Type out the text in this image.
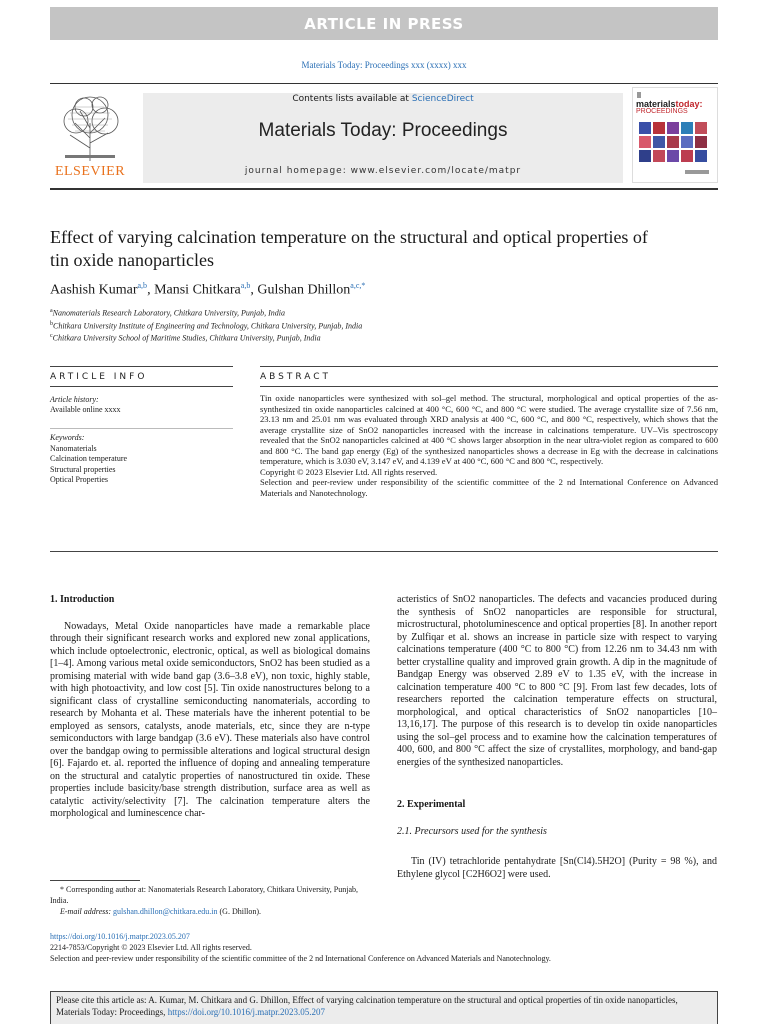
ARTICLE IN PRESS
Materials Today: Proceedings xxx (xxxx) xxx
ELSEVIER
Contents lists available at ScienceDirect
Materials Today: Proceedings
journal homepage: www.elsevier.com/locate/matpr
materialstoday:
PROCEEDINGS
Effect of varying calcination temperature on the structural and optical properties of tin oxide nanoparticles
Aashish Kumar$^{a,b}$, Mansi Chitkara$^{a,b}$, Gulshan Dhillon$^{a,c,*}$
$^a$Nanomaterials Research Laboratory, Chitkara University, Punjab, India
$^b$Chitkara University Institute of Engineering and Technology, Chitkara University, Punjab, India
$^c$Chitkara University School of Maritime Studies, Chitkara University, Punjab, India
ARTICLE INFO	ABSTRACT
Article history:
Available online xxxx
Keywords:
Nanomaterials
Calcination temperature
Structural properties
Optical Properties

Tin oxide nanoparticles were synthesized with sol–gel method. The structural, morphological and optical properties of the as-synthesized tin oxide nanoparticles calcined at 400 °C, 600 °C, and 800 °C were studied. The average crystallite size of 7.56 nm, 23.13 nm and 25.01 nm was evaluated through XRD analysis at 400 °C, 600 °C, and 800 °C, respectively, which shows that the average crystallite size of SnO2 nanoparticles increased with the increase in calcinations temperature. UV–Vis spectroscopy revealed that the SnO2 nanoparticles calcined at 400 °C shows larger absorption in the near ultra-violet region as compared to 600 and 800 °C. The band gap energy (Eg) of the synthesized nanoparticles shows a decrease in Eg with the decrease in calcinations temperature, which is 3.030 eV, 3.147 eV, and 4.139 eV at 400 °C, 600 °C and 800 °C, respectively.

Copyright © 2023 Elsevier Ltd. All rights reserved.

Selection and peer-review under responsibility of the scientific committee of the 2 nd International Conference on Advanced Materials and Nanotechnology.

1. Introduction
Nowadays, Metal Oxide nanoparticles have made a remarkable place through their significant research works and explored new zonal applications, which include optoelectronic, electronic, optical, as well as biological domains [1–4]. Among various metal oxide semiconductors, SnO2 has been studied as a promising material with wide band gap (3.6–3.8 eV), non toxic, highly stable, with high photoactivity, and low cost [5]. Tin oxide nanostructures belong to a significant class of crystalline semiconducting nanomaterials, according to research by Mohanta et al. These materials have the inherent potential to be employed as sensors, catalysts, anode materials, etc, since they are n-type semiconductors with large bandgap (3.6 eV). These materials also have control over the bandgap owing to permissible alterations and logical structural design [6]. Fajardo et. al. reported the influence of doping and annealing temperature on the structural and catalytic properties of nanostructured tin oxide. These properties include basicity/base strength distribution, surface area as well as catalytic activity/selectivity [7]. The calcination temperature alters the morphological and luminescence char-
acteristics of SnO2 nanoparticles. The defects and vacancies produced during the synthesis of SnO2 nanoparticles are responsible for structural, microstructural, photoluminescence and optical properties [8]. In another report by Zulfiqar et al. shows an increase in particle size with respect to varying calcinations temperature (400 °C to 800 °C) from 12.26 nm to 34.43 nm with better crystalline quality and improved grain growth. A dip in the magnitude of Bandgap Energy was observed 2.89 eV to 1.35 eV, with the increase in calcination temperature 400 °C to 800 °C [9]. From last few decades, lots of researchers reported the calcination temperature effects on structural, morphological, and optical characteristics of SnO2 nanoparticles [10–13,16,17]. The purpose of this research is to develop tin oxide nanoparticles using the sol–gel process and to examine how the calcination temperatures of 400, 600, and 800 °C affect the size of crystallites, morphology, and band-gap energies of the synthesized nanoparticles.
2. Experimental
2.1. Precursors used for the synthesis
Tin (IV) tetrachloride pentahydrate [Sn(Cl4).5H2O] (Purity = 98 %), and Ethylene glycol [C2H6O2] were used.
* Corresponding author at: Nanomaterials Research Laboratory, Chitkara University, Punjab, India.
E-mail address: gulshan.dhillon@chitkara.edu.in (G. Dhillon).
https://doi.org/10.1016/j.matpr.2023.05.207
2214-7853/Copyright © 2023 Elsevier Ltd. All rights reserved.
Selection and peer-review under responsibility of the scientific committee of the 2 nd International Conference on Advanced Materials and Nanotechnology.
Please cite this article as: A. Kumar, M. Chitkara and G. Dhillon, Effect of varying calcination temperature on the structural and optical properties of tin oxide nanoparticles, Materials Today: Proceedings, https://doi.org/10.1016/j.matpr.2023.05.207
